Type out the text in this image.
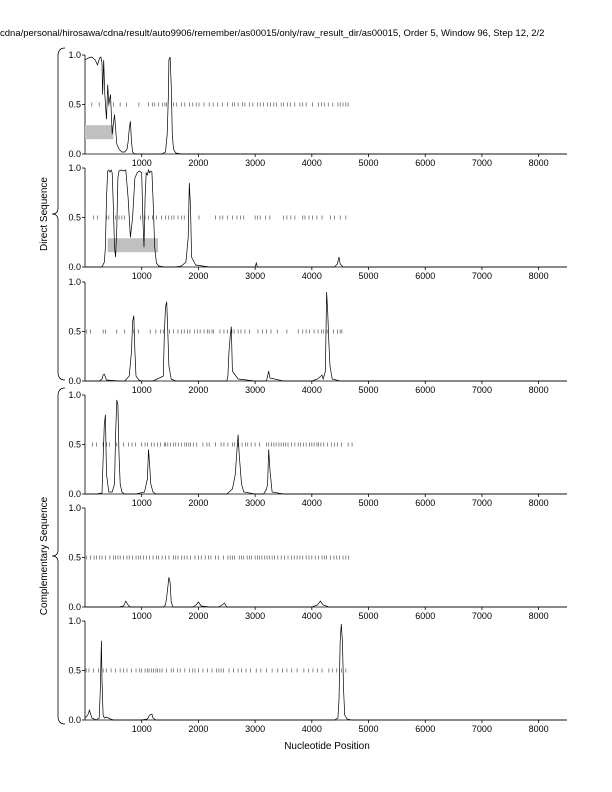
cdna/personal/hirosawa/cdna/result/auto9906/remember/as00015/only/raw_result_dir/as00015, Order 5, Window 96, Step 12, 2/2
0.0
0.5
1.0
1000	2000	3000	4000	5000	6000	7000	8000
0.0
0.5
1.0
1000	2000	3000	4000	5000	6000	7000	8000
0.0
0.5
1.0
1000	2000	3000	4000	5000	6000	7000	8000
0.0
0.5
1.0
1000	2000	3000	4000	5000	6000	7000	8000
0.0
0.5
1.0
1000	2000	3000	4000	5000	6000	7000	8000
0.0
0.5
1.0
1000	2000	3000	4000	5000	6000	7000	8000
Nucleotide Position
Direct Sequence
Complementary Sequence
